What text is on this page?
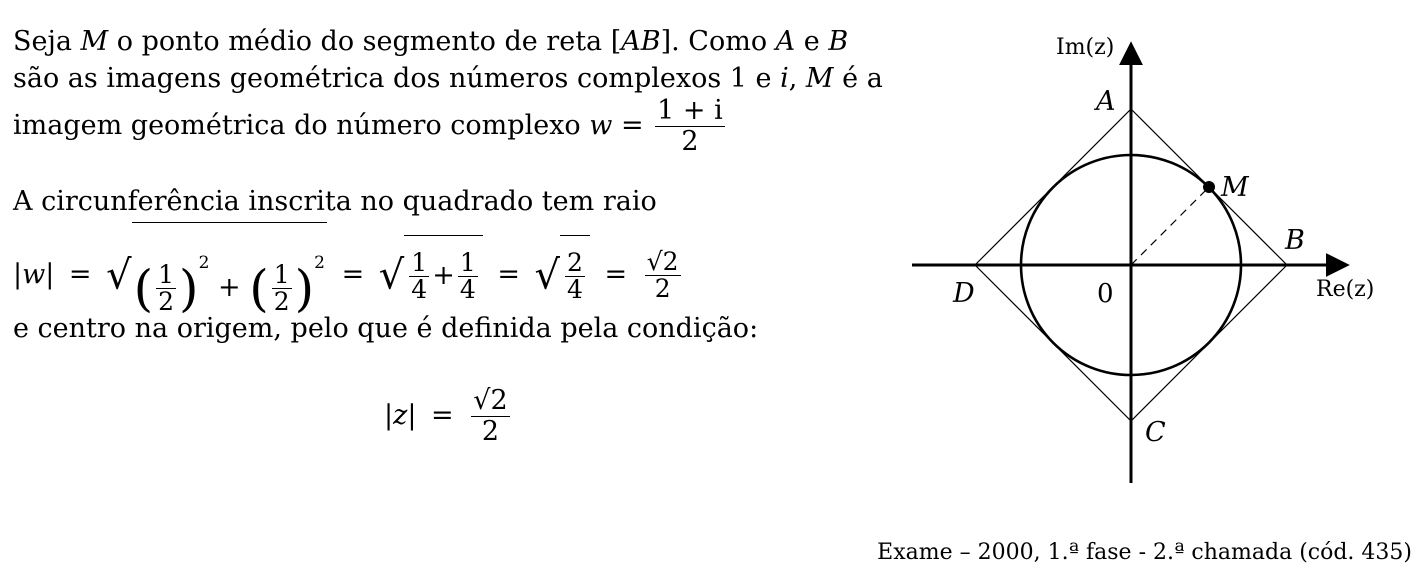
Seja M o ponto médio do segmento de reta [AB]. Como A e B
são as imagens geométrica dos números complexos 1 e i, M é a
imagem geométrica do número complexo $w = \frac{1 + i}{2}$
A circunferência inscrita no quadrado tem raio
|w| = √( $\frac{1}{2} )^2$ + ( $\frac{1}{2} )^2$ = √ $\frac{1}{4} + \frac{1}{4}$ = √ $\frac{2}{4} = \frac{√2}{2}$
e centro na origem, pelo que é definida pela condição:
$|z| = \frac{√2}{2}$
Im(z)
Re(z)
0
A
B
C
D
M
Exame – 2000, 1.ª fase - 2.ª chamada (cód. 435)
